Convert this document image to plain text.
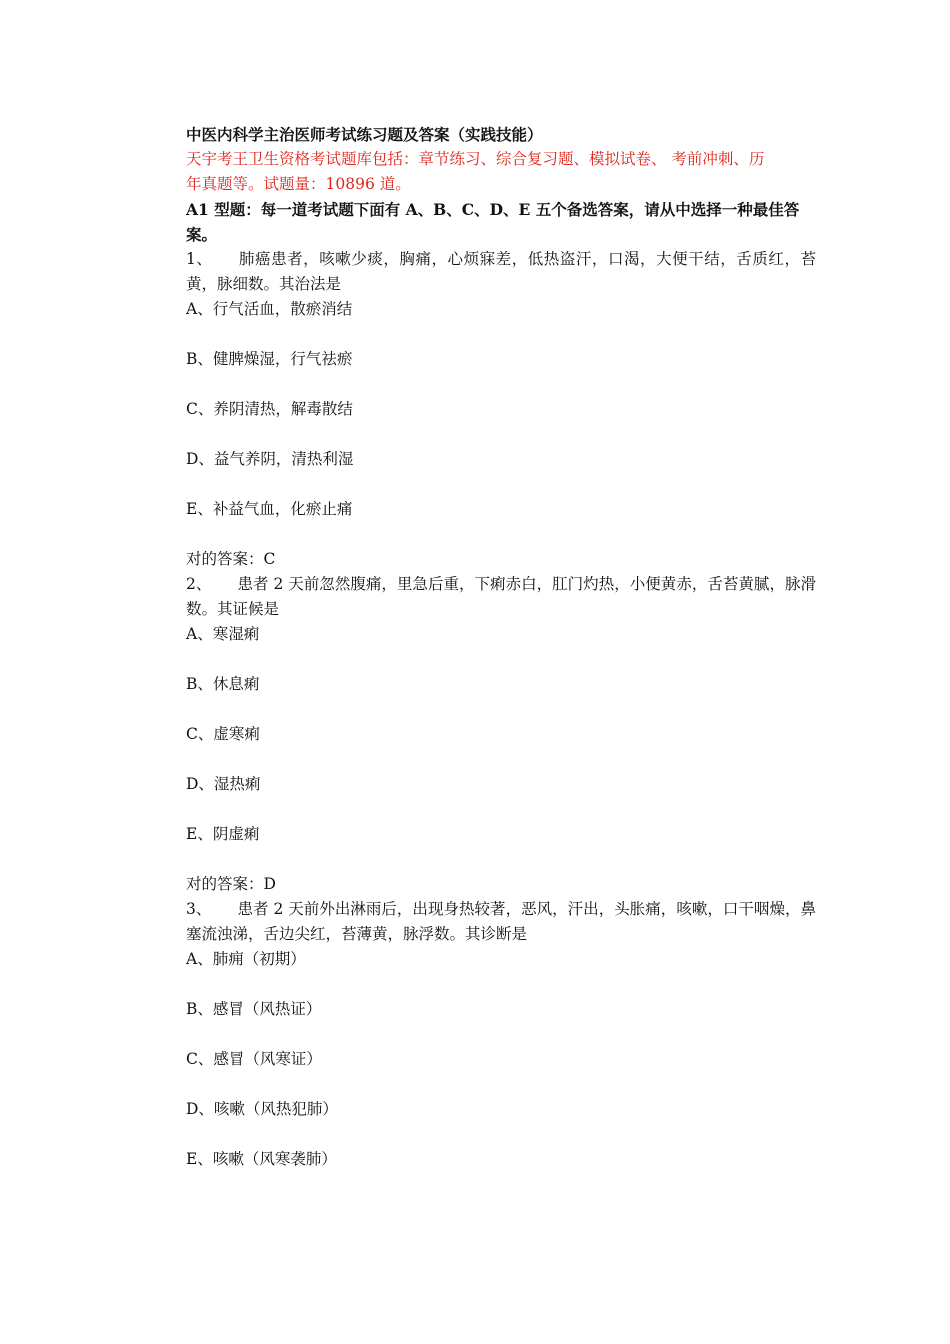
中医内科学主治医师考试练习题及答案（实践技能）

天宇考王卫生资格考试题库包括：章节练习、综合复习题、模拟试卷、 考前冲刺、历

年真题等。试题量：10896 道。

A1 型题：每一道考试题下面有 A、B、C、D、E 五个备选答案，请从中选择一种最佳答案。

1、 肺癌患者，咳嗽少痰，胸痛，心烦寐差，低热盗汗，口渴，大便干结，舌质红，苔黄，脉细数。其治法是

A、行气活血，散瘀消结

B、健脾燥湿，行气祛瘀

C、养阴清热，解毒散结

D、益气养阴，清热利湿

E、补益气血，化瘀止痛

对的答案：C

2、 患者 2 天前忽然腹痛，里急后重，下痢赤白，肛门灼热，小便黄赤，舌苔黄腻，脉滑数。其证候是

A、寒湿痢

B、休息痢

C、虚寒痢

D、湿热痢

E、阴虚痢

对的答案：D

3、 患者 2 天前外出淋雨后，出现身热较著，恶风，汗出，头胀痛，咳嗽，口干咽燥，鼻塞流浊涕，舌边尖红，苔薄黄，脉浮数。其诊断是

A、肺痈（初期）

B、感冒（风热证）

C、感冒（风寒证）

D、咳嗽（风热犯肺）

E、咳嗽（风寒袭肺）
